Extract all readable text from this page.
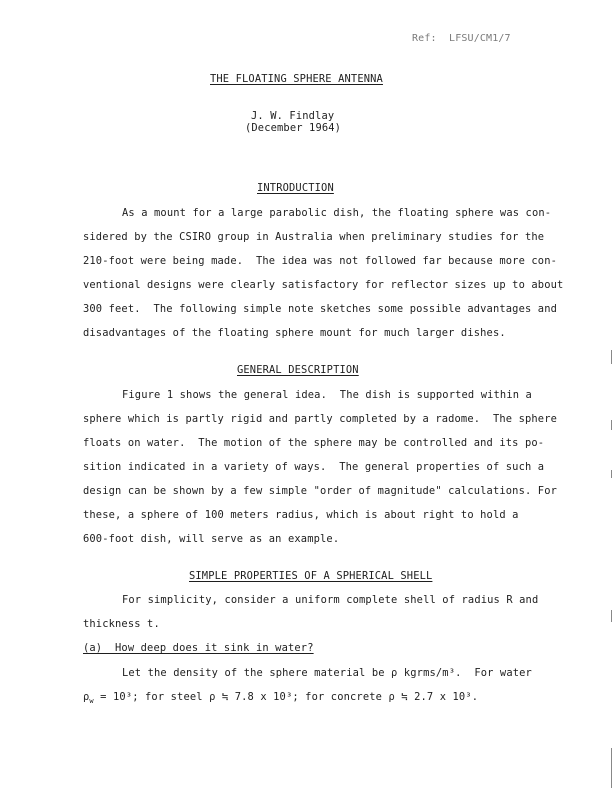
Ref:  LFSU/CM1/7

THE FLOATING SPHERE ANTENNA

J. W. Findlay

(December 1964)

INTRODUCTION

As a mount for a large parabolic dish, the floating sphere was con-

sidered by the CSIRO group in Australia when preliminary studies for the

210-foot were being made.  The idea was not followed far because more con-

ventional designs were clearly satisfactory for reflector sizes up to about

300 feet.  The following simple note sketches some possible advantages and

disadvantages of the floating sphere mount for much larger dishes.

GENERAL DESCRIPTION

Figure 1 shows the general idea.  The dish is supported within a

sphere which is partly rigid and partly completed by a radome.  The sphere

floats on water.  The motion of the sphere may be controlled and its po-

sition indicated in a variety of ways.  The general properties of such a

design can be shown by a few simple "order of magnitude" calculations. For

these, a sphere of 100 meters radius, which is about right to hold a

600-foot dish, will serve as an example.

SIMPLE PROPERTIES OF A SPHERICAL SHELL

For simplicity, consider a uniform complete shell of radius R and

thickness t.

(a)  How deep does it sink in water?

Let the density of the sphere material be ρ kgrms/m³.  For water

$\rho_w = 10^3$; for steel ρ ≒ 7.8 x 10³; for concrete ρ ≒ 2.7 x 10³.
